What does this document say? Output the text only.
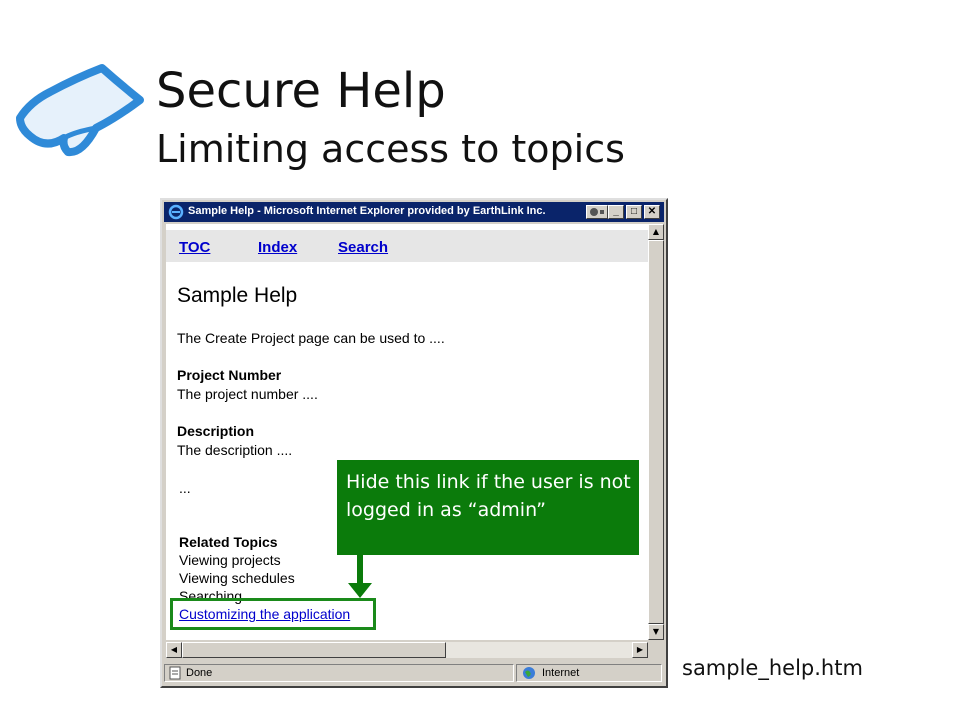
Secure Help
Limiting access to topics
Sample Help - Microsoft Internet Explorer provided by EarthLink Inc.	_	□	✕
TOC	Index	Search
Sample Help
The Create Project page can be used to ....
Project Number
The project number ....
Description
The description ....
...
Related Topics
Viewing projects
Viewing schedules
Searching
Customizing the application
▲
▼
◀	▶
Done	Internet
Hide this link if the user is not logged in as “admin”
sample_help.htm
